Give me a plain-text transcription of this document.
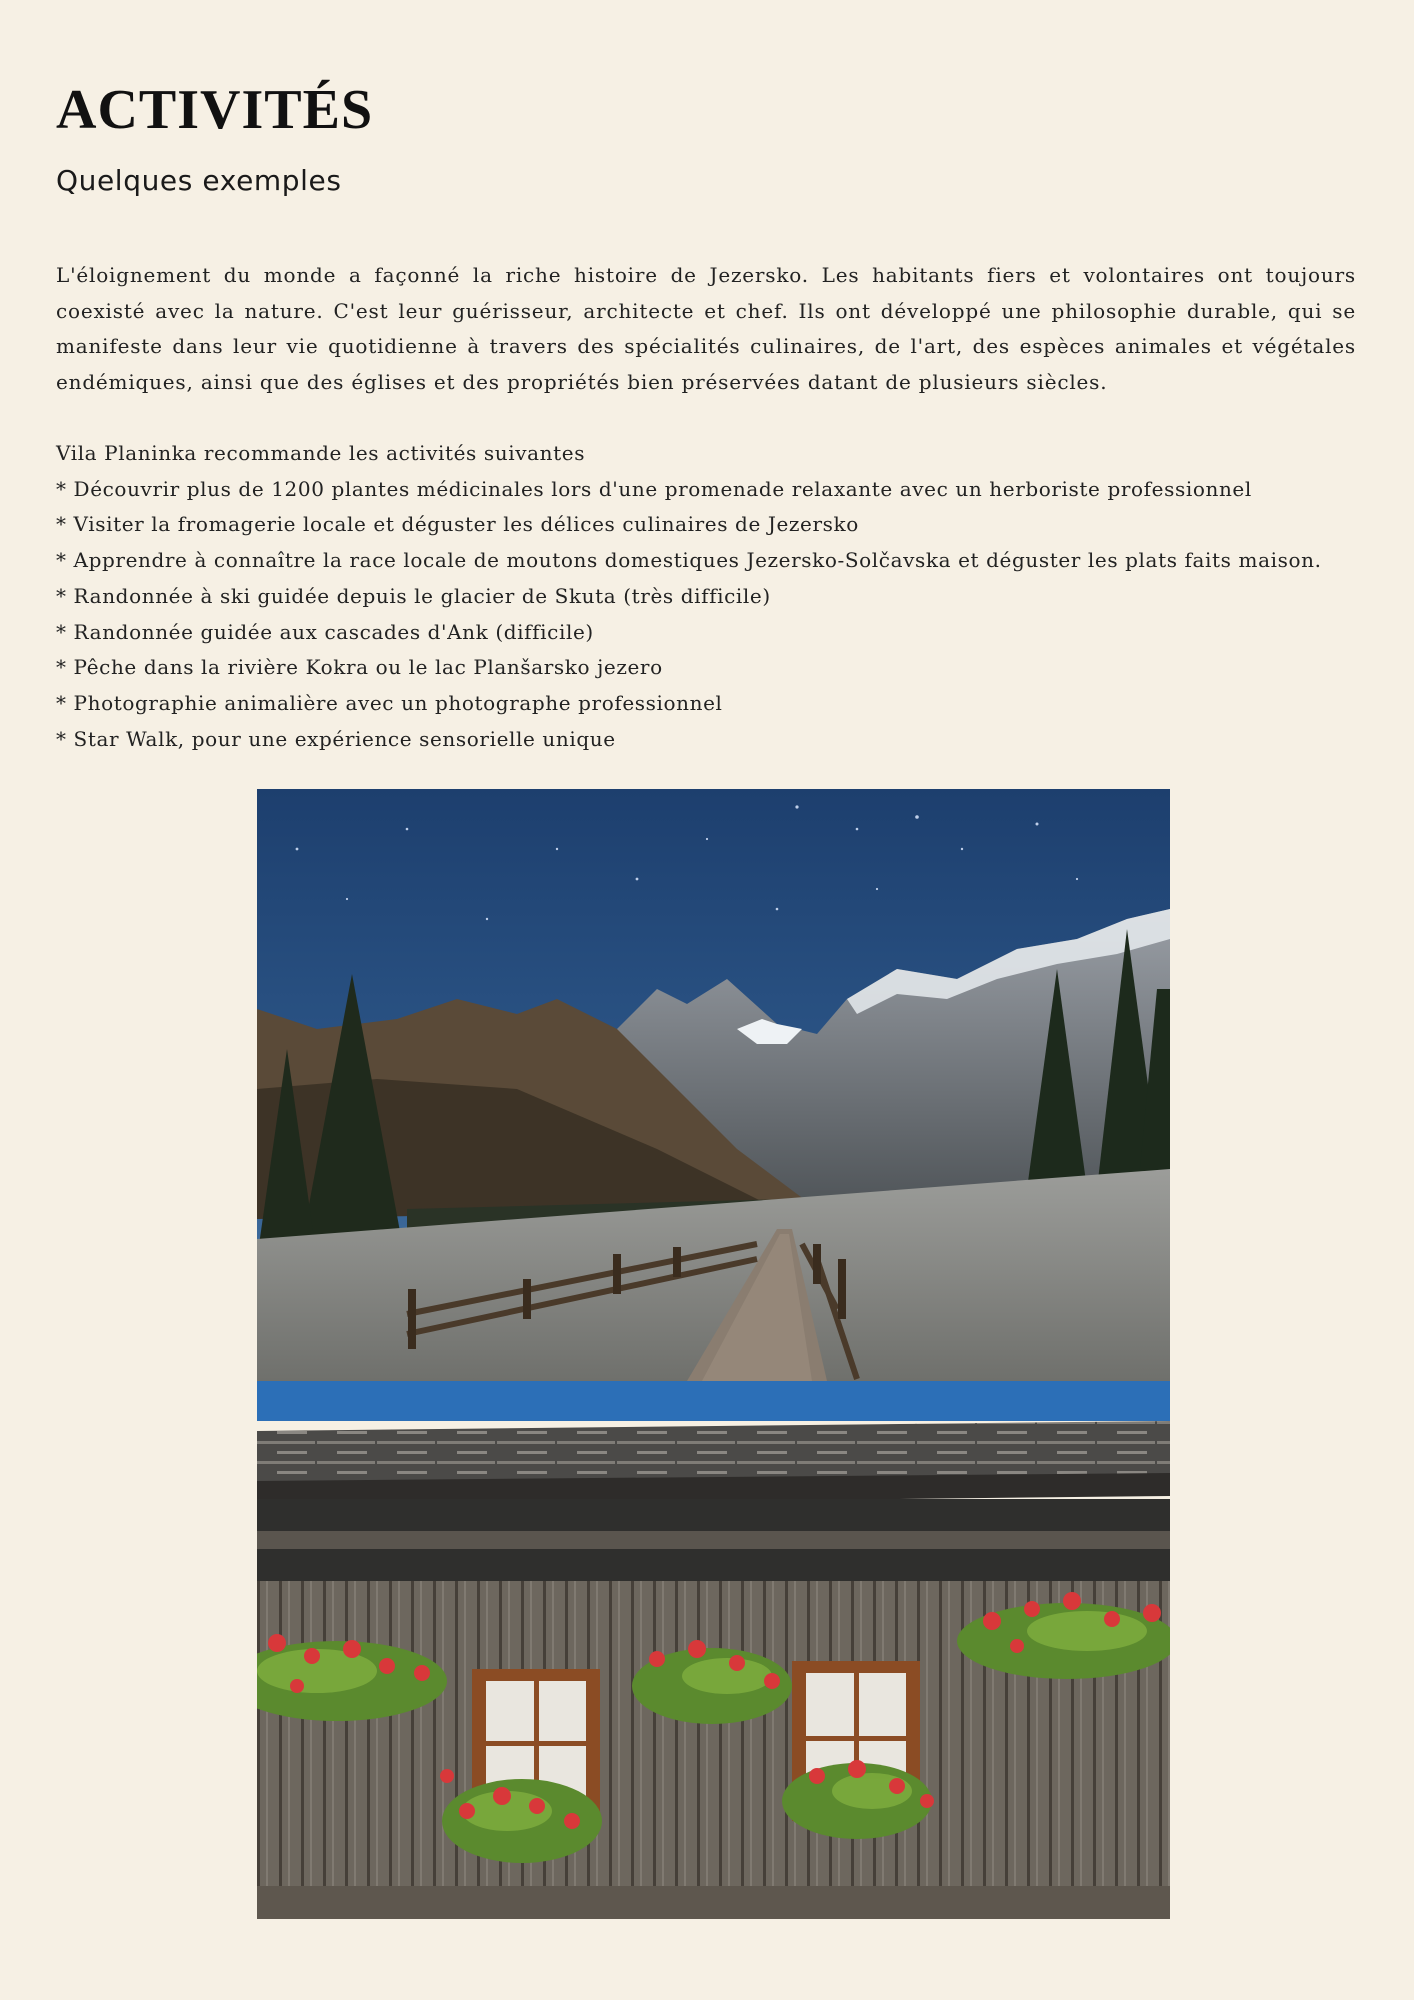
ACTIVITÉS
Quelques exemples

L'éloignement du monde a façonné la riche histoire de Jezersko. Les habitants fiers et volontaires ont toujours coexisté avec la nature. C'est leur guérisseur, architecte et chef. Ils ont développé une philosophie durable, qui se manifeste dans leur vie quotidienne à travers des spécialités culinaires, de l'art, des espèces animales et végétales endémiques, ainsi que des églises et des propriétés bien préservées datant de plusieurs siècles.

Vila Planinka recommande les activités suivantes
* Découvrir plus de 1200 plantes médicinales lors d'une promenade relaxante avec un herboriste professionnel
* Visiter la fromagerie locale et déguster les délices culinaires de Jezersko
* Apprendre à connaître la race locale de moutons domestiques Jezersko-Solčavska et déguster les plats faits maison.
* Randonnée à ski guidée depuis le glacier de Skuta (très difficile)
* Randonnée guidée aux cascades d'Ank (difficile)
* Pêche dans la rivière Kokra ou le lac Planšarsko jezero
* Photographie animalière avec un photographe professionnel
* Star Walk, pour une expérience sensorielle unique
